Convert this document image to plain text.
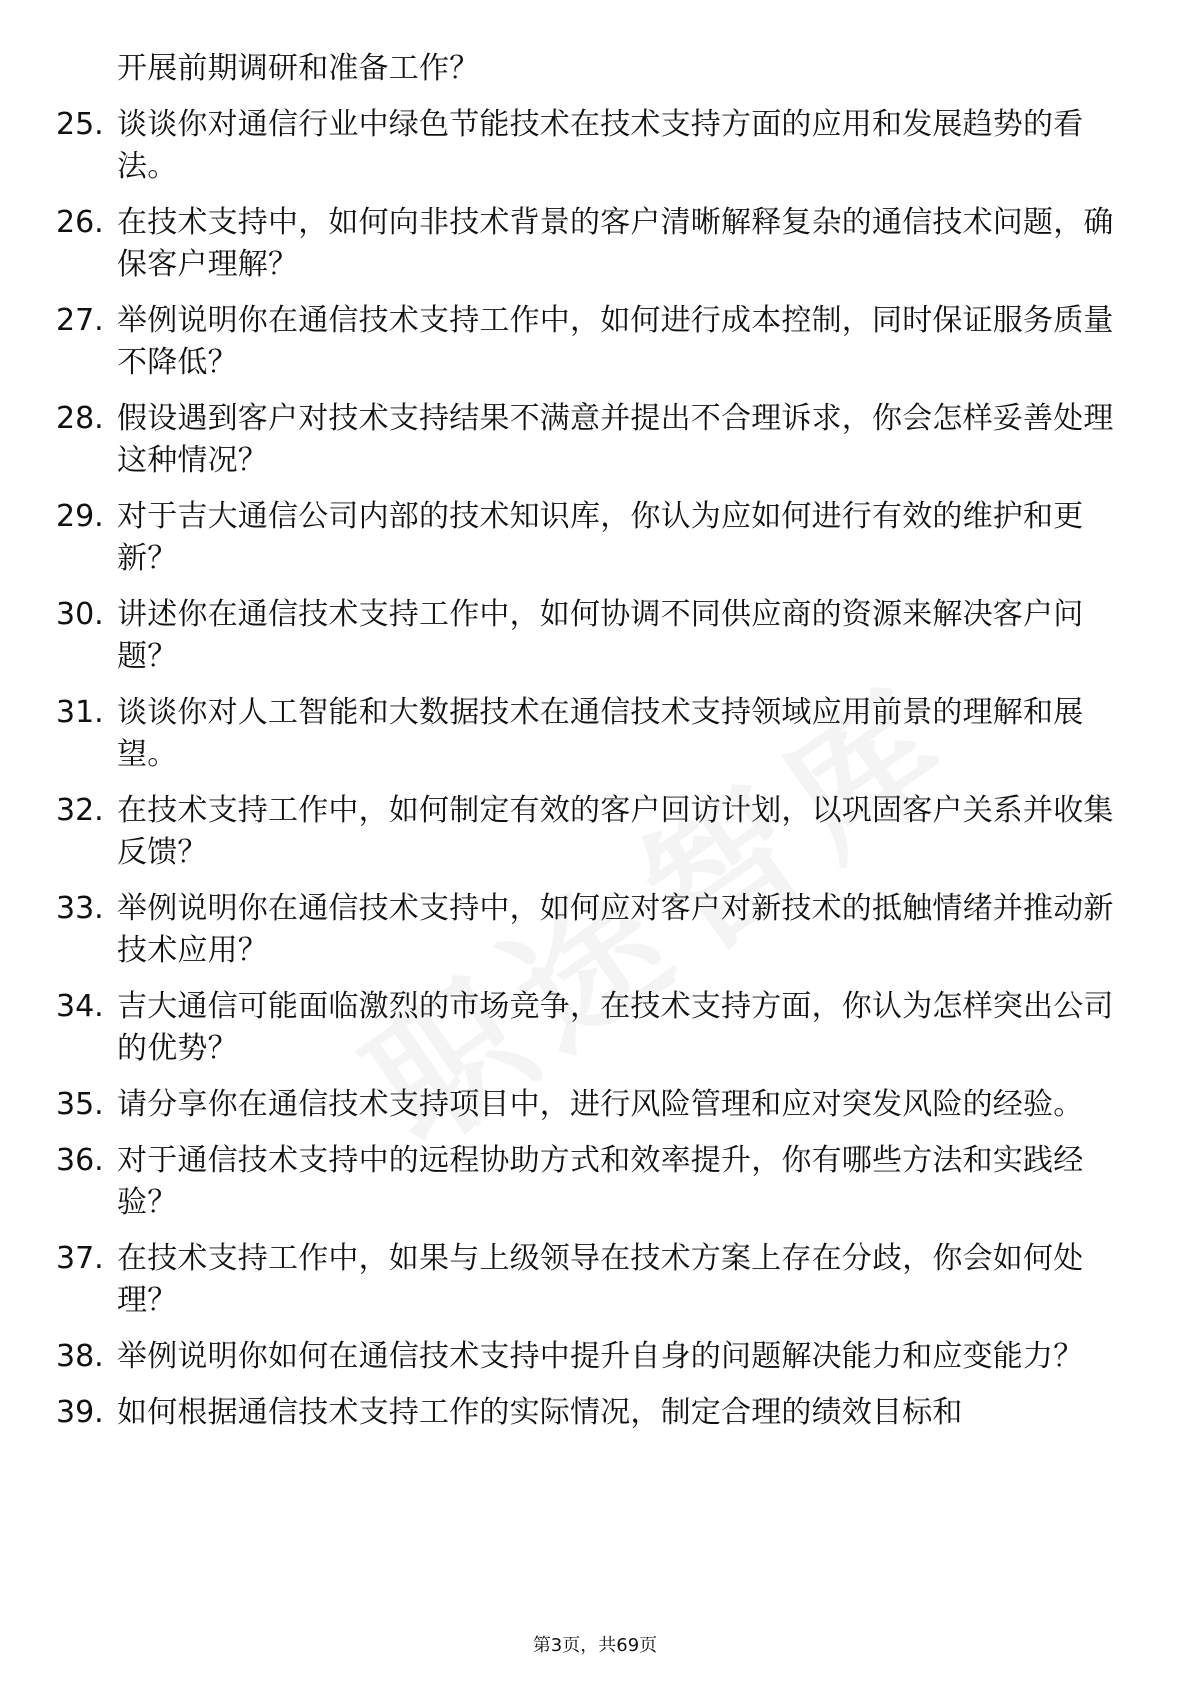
开展前期调研和准备工作？
25. 谈谈你对通信行业中绿色节能技术在技术支持方面的应用和发展趋势的看法。
26. 在技术支持中，如何向非技术背景的客户清晰解释复杂的通信技术问题，确保客户理解？
27. 举例说明你在通信技术支持工作中，如何进行成本控制，同时保证服务质量不降低？
28. 假设遇到客户对技术支持结果不满意并提出不合理诉求，你会怎样妥善处理这种情况？
29. 对于吉大通信公司内部的技术知识库，你认为应如何进行有效的维护和更新？
30. 讲述你在通信技术支持工作中，如何协调不同供应商的资源来解决客户问题？
31. 谈谈你对人工智能和大数据技术在通信技术支持领域应用前景的理解和展望。
32. 在技术支持工作中，如何制定有效的客户回访计划，以巩固客户关系并收集反馈？
33. 举例说明你在通信技术支持中，如何应对客户对新技术的抵触情绪并推动新技术应用？
34. 吉大通信可能面临激烈的市场竞争，在技术支持方面，你认为怎样突出公司的优势？
35. 请分享你在通信技术支持项目中，进行风险管理和应对突发风险的经验。
36. 对于通信技术支持中的远程协助方式和效率提升，你有哪些方法和实践经验？
37. 在技术支持工作中，如果与上级领导在技术方案上存在分歧，你会如何处理？
38. 举例说明你如何在通信技术支持中提升自身的问题解决能力和应变能力？
39. 如何根据通信技术支持工作的实际情况，制定合理的绩效目标和
第3页，共69页
